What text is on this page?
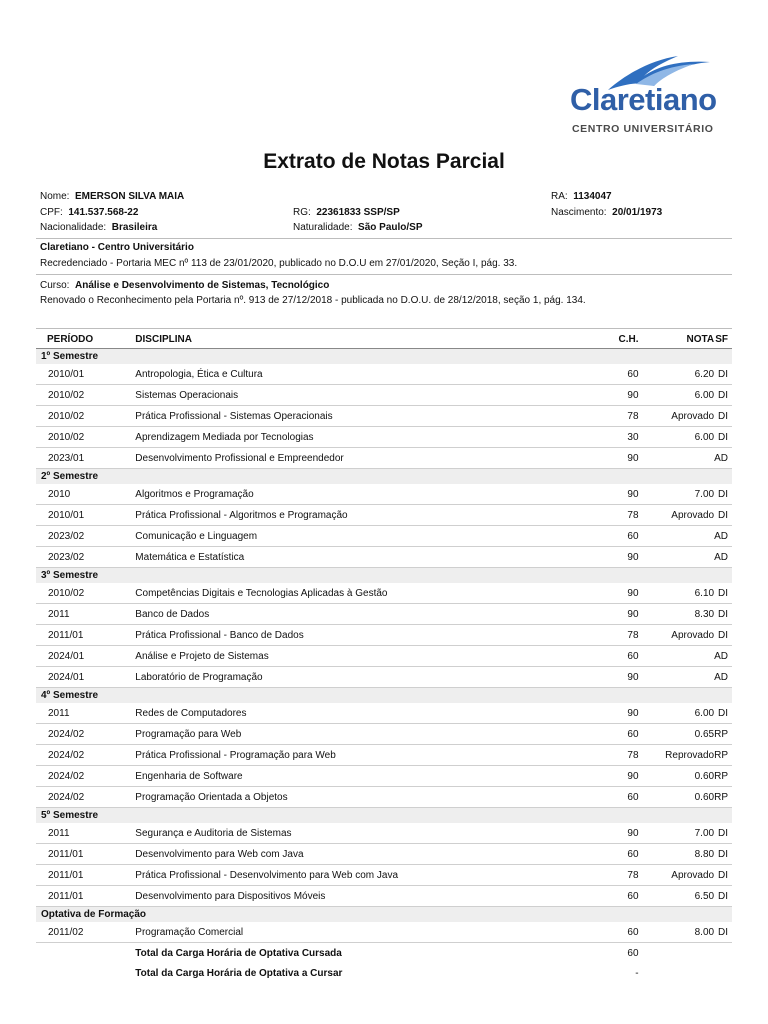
Claretiano
CENTRO UNIVERSITÁRIO
Extrato de Notas Parcial
Nome: EMERSON SILVA MAIA	RA: 1134047
CPF: 141.537.568-22	RG: 22361833 SSP/SP	Nascimento: 20/01/1973
Nacionalidade: Brasileira	Naturalidade: São Paulo/SP
Claretiano - Centro Universitário
Recredenciado - Portaria MEC nº 113 de 23/01/2020, publicado no D.O.U em 27/01/2020, Seção I, pág. 33.
Curso: Análise e Desenvolvimento de Sistemas, Tecnológico
Renovado o Reconhecimento pela Portaria nº. 913 de 27/12/2018 - publicada no D.O.U. de 28/12/2018, seção 1, pág. 134.
PERÍODO	DISCIPLINA	C.H.	NOTA	SF
1º Semestre				
2010/01	Antropologia, Ética e Cultura	60	6.20	DI
2010/02	Sistemas Operacionais	90	6.00	DI
2010/02	Prática Profissional - Sistemas Operacionais	78	Aprovado	DI
2010/02	Aprendizagem Mediada por Tecnologias	30	6.00	DI
2023/01	Desenvolvimento Profissional e Empreendedor	90		AD
2º Semestre				
2010	Algoritmos e Programação	90	7.00	DI
2010/01	Prática Profissional - Algoritmos e Programação	78	Aprovado	DI
2023/02	Comunicação e Linguagem	60		AD
2023/02	Matemática e Estatística	90		AD
3º Semestre				
2010/02	Competências Digitais e Tecnologias Aplicadas à Gestão	90	6.10	DI
2011	Banco de Dados	90	8.30	DI
2011/01	Prática Profissional - Banco de Dados	78	Aprovado	DI
2024/01	Análise e Projeto de Sistemas	60		AD
2024/01	Laboratório de Programação	90		AD
4º Semestre				
2011	Redes de Computadores	90	6.00	DI
2024/02	Programação para Web	60	0.65	RP
2024/02	Prática Profissional - Programação para Web	78	Reprovado	RP
2024/02	Engenharia de Software	90	0.60	RP
2024/02	Programação Orientada a Objetos	60	0.60	RP
5º Semestre				
2011	Segurança e Auditoria de Sistemas	90	7.00	DI
2011/01	Desenvolvimento para Web com Java	60	8.80	DI
2011/01	Prática Profissional - Desenvolvimento para Web com Java	78	Aprovado	DI
2011/01	Desenvolvimento para Dispositivos Móveis	60	6.50	DI
Optativa de Formação				
2011/02	Programação Comercial	60	8.00	DI
	Total da Carga Horária de Optativa Cursada	60		
	Total da Carga Horária de Optativa a Cursar	-		
